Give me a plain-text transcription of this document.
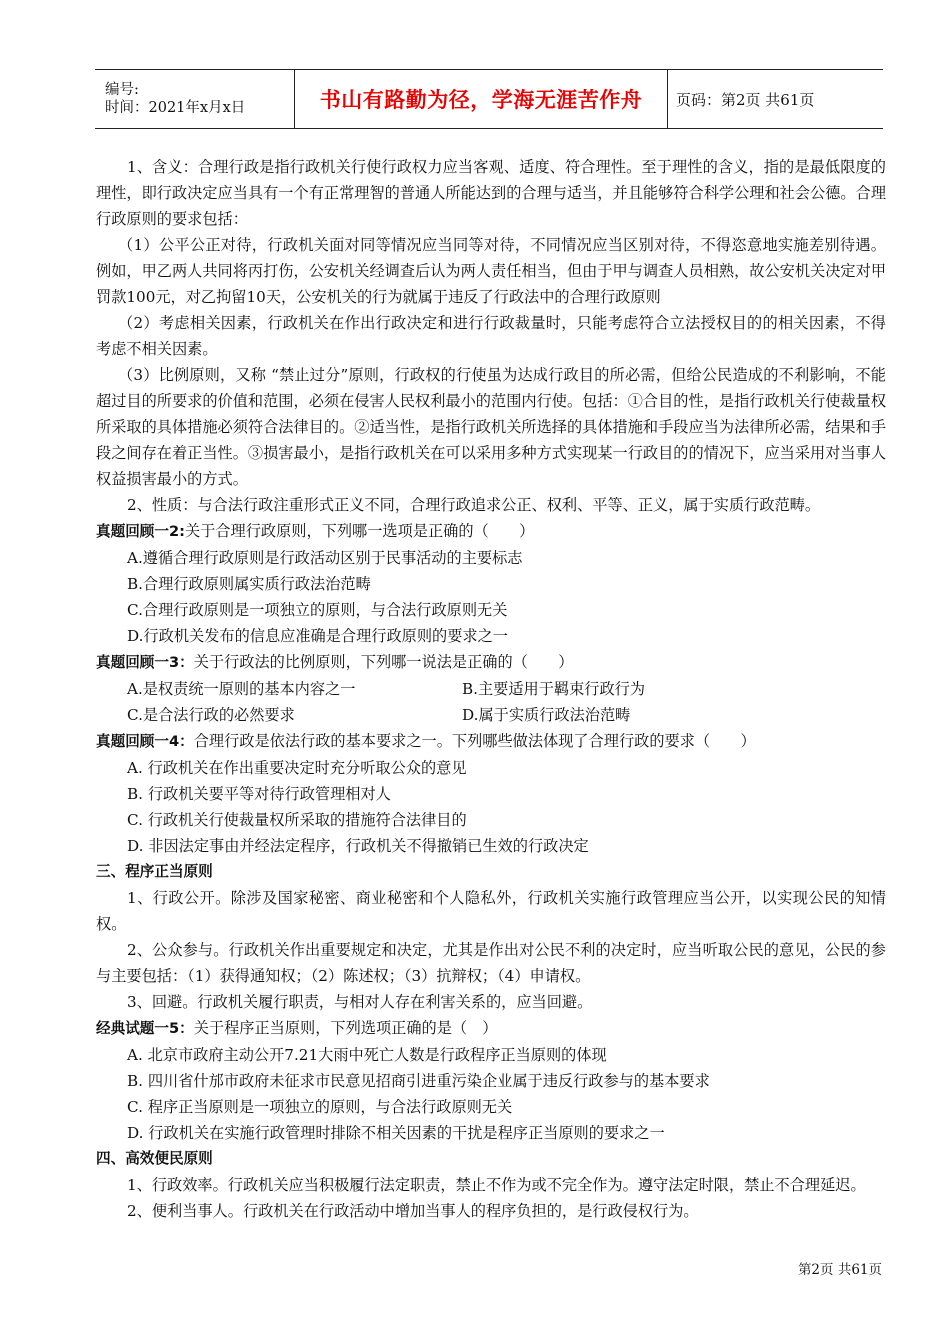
编号:
时间：2021年x月x日	书山有路勤为径，学海无涯苦作舟	页码：第2页 共61页

1、含义：合理行政是指行政机关行使行政权力应当客观、适度、符合理性。至于理性的含义，指的是最低限度的理性，即行政决定应当具有一个有正常理智的普通人所能达到的合理与适当，并且能够符合科学公理和社会公德。合理行政原则的要求包括：

（1）公平公正对待，行政机关面对同等情况应当同等对待，不同情况应当区别对待，不得恣意地实施差别待遇。例如，甲乙两人共同将丙打伤，公安机关经调查后认为两人责任相当，但由于甲与调查人员相熟，故公安机关决定对甲罚款100元，对乙拘留10天，公安机关的行为就属于违反了行政法中的合理行政原则

（2）考虑相关因素，行政机关在作出行政决定和进行行政裁量时，只能考虑符合立法授权目的的相关因素，不得考虑不相关因素。

（3）比例原则，又称 “禁止过分”原则，行政权的行使虽为达成行政目的所必需，但给公民造成的不利影响，不能超过目的所要求的价值和范围，必须在侵害人民权利最小的范围内行使。包括：①合目的性，是指行政机关行使裁量权所采取的具体措施必须符合法律目的。②适当性，是指行政机关所选择的具体措施和手段应当为法律所必需，结果和手段之间存在着正当性。③损害最小，是指行政机关在可以采用多种方式实现某一行政目的的情况下，应当采用对当事人权益损害最小的方式。

2、性质：与合法行政注重形式正义不同，合理行政追求公正、权利、平等、正义，属于实质行政范畴。

真题回顾一2:关于合理行政原则，下列哪一选项是正确的（　　）

A.遵循合理行政原则是行政活动区别于民事活动的主要标志

B.合理行政原则属实质行政法治范畴

C.合理行政原则是一项独立的原则，与合法行政原则无关

D.行政机关发布的信息应准确是合理行政原则的要求之一

真题回顾一3：关于行政法的比例原则，下列哪一说法是正确的（　　）

A.是权责统一原则的基本内容之一	B.主要适用于羁束行政行为
C.是合法行政的必然要求	D.属于实质行政法治范畴

真题回顾一4：合理行政是依法行政的基本要求之一。下列哪些做法体现了合理行政的要求（　　）

A. 行政机关在作出重要决定时充分听取公众的意见

B. 行政机关要平等对待行政管理相对人

C. 行政机关行使裁量权所采取的措施符合法律目的

D. 非因法定事由并经法定程序，行政机关不得撤销已生效的行政决定

三、程序正当原则

1、行政公开。除涉及国家秘密、商业秘密和个人隐私外，行政机关实施行政管理应当公开，以实现公民的知情权。

2、公众参与。行政机关作出重要规定和决定，尤其是作出对公民不利的决定时，应当听取公民的意见，公民的参与主要包括：（1）获得通知权；（2）陈述权；（3）抗辩权；（4）申请权。

3、回避。行政机关履行职责，与相对人存在利害关系的，应当回避。

经典试题一5：关于程序正当原则，下列选项正确的是（　）

A. 北京市政府主动公开7.21大雨中死亡人数是行政程序正当原则的体现

B. 四川省什邡市政府未征求市民意见招商引进重污染企业属于违反行政参与的基本要求

C. 程序正当原则是一项独立的原则，与合法行政原则无关

D. 行政机关在实施行政管理时排除不相关因素的干扰是程序正当原则的要求之一

四、高效便民原则

1、行政效率。行政机关应当积极履行法定职责，禁止不作为或不完全作为。遵守法定时限，禁止不合理延迟。

2、便利当事人。行政机关在行政活动中增加当事人的程序负担的，是行政侵权行为。

第2页 共61页
